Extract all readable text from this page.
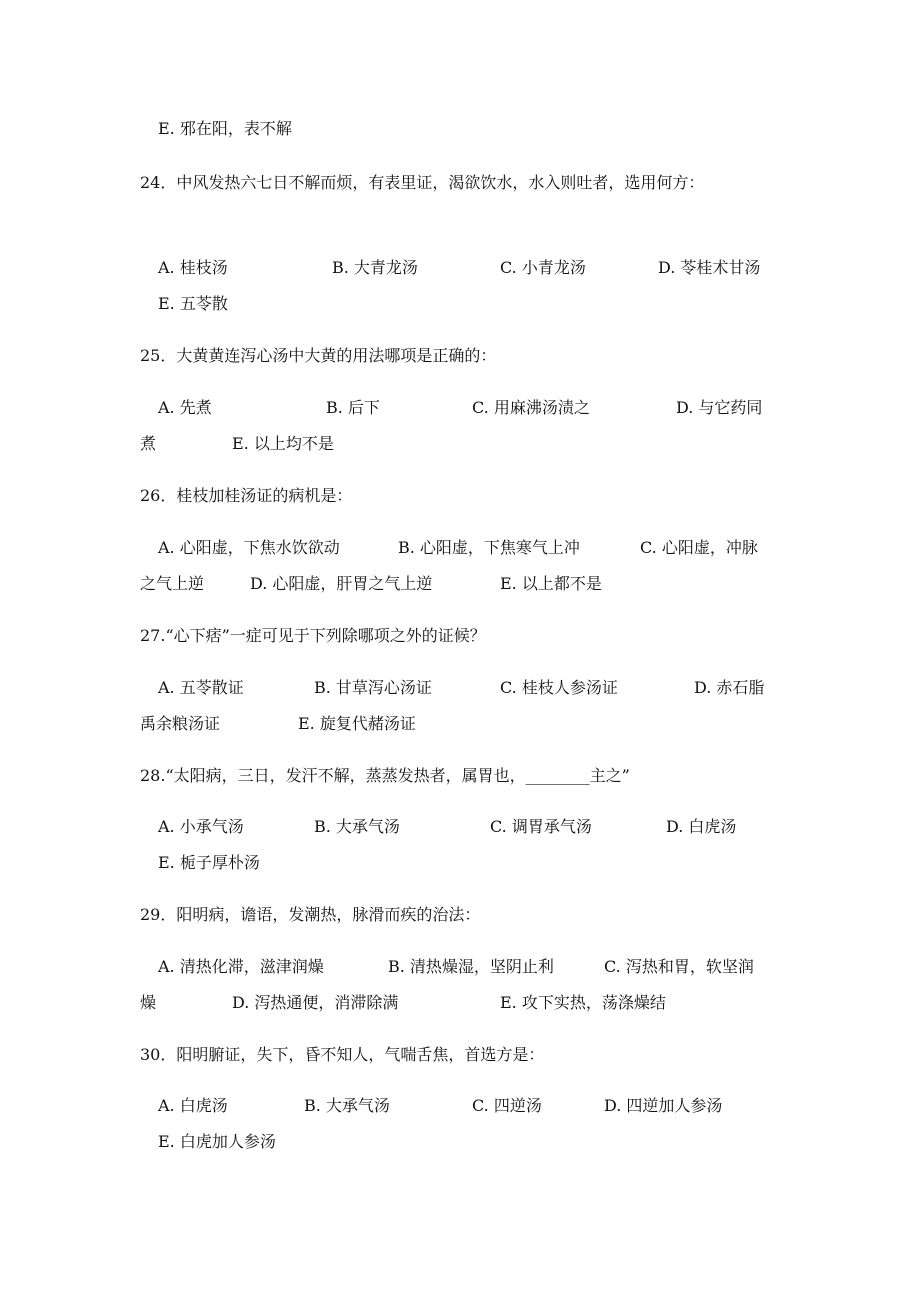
E. 邪在阳，表不解
24．中风发热六七日不解而烦，有表里证，渴欲饮水，水入则吐者，选用何方：
A. 桂枝汤	B. 大青龙汤	C. 小青龙汤	D. 苓桂术甘汤
E. 五苓散
25．大黄黄连泻心汤中大黄的用法哪项是正确的：
A. 先煮	B. 后下	C. 用麻沸汤渍之	D. 与它药同
煮	E. 以上均不是
26．桂枝加桂汤证的病机是：
A. 心阳虚，下焦水饮欲动	B. 心阳虚，下焦寒气上冲	C. 心阳虚，冲脉
之气上逆	D. 心阳虚，肝胃之气上逆	E. 以上都不是
27.“心下痞”一症可见于下列除哪项之外的证候？
A. 五苓散证	B. 甘草泻心汤证	C. 桂枝人参汤证	D. 赤石脂
禹余粮汤证	E. 旋复代赭汤证
28.“太阳病，三日，发汗不解，蒸蒸发热者，属胃也，________主之”
A. 小承气汤	B. 大承气汤	C. 调胃承气汤	D. 白虎汤
E. 栀子厚朴汤
29．阳明病，谵语，发潮热，脉滑而疾的治法：
A. 清热化滞，滋津润燥	B. 清热燥湿，坚阴止利	C. 泻热和胃，软坚润
燥	D. 泻热通便，消滞除满	E. 攻下实热，荡涤燥结
30．阳明腑证，失下，昏不知人，气喘舌焦，首选方是：
A. 白虎汤	B. 大承气汤	C. 四逆汤	D. 四逆加人参汤
E. 白虎加人参汤
